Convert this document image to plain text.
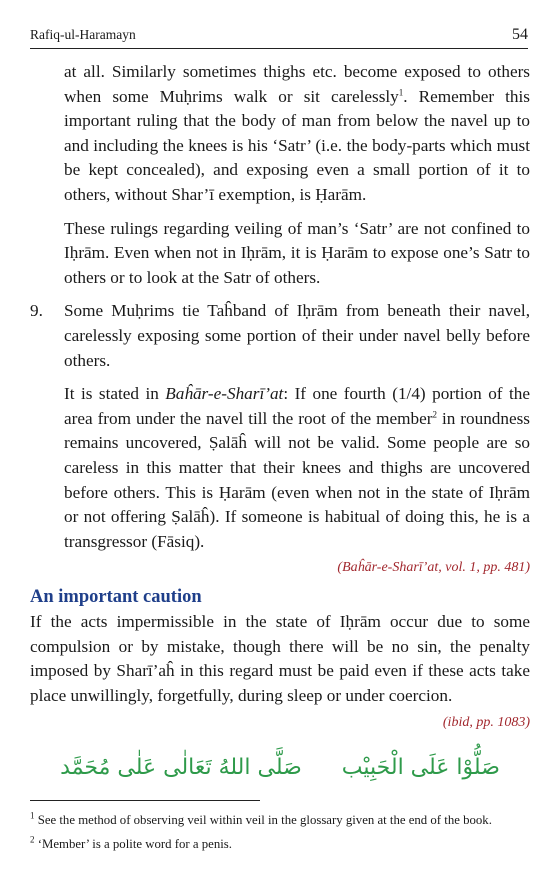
Rafiq-ul-Haramayn	54

at all. Similarly sometimes thighs etc. become exposed to others when some Muḥrims walk or sit carelessly$^1$. Remember this important ruling that the body of man from below the navel up to and including the knees is his ‘Satr’ (i.e. the body-parts which must be kept concealed), and exposing even a small portion of it to others, without Shar’ī exemption, is Ḥarām.

These rulings regarding veiling of man’s ‘Satr’ are not confined to Iḥrām. Even when not in Iḥrām, it is Ḥarām to expose one’s Satr to others or to look at the Satr of others.

9.	Some Muḥrims tie Taĥband of Iḥrām from beneath their navel, carelessly exposing some portion of their under navel belly before others.

It is stated in Baĥār-e-Sharī’at: If one fourth (1/4) portion of the area from under the navel till the root of the member$^2$ in roundness remains uncovered, Ṣalāĥ will not be valid. Some people are so careless in this matter that their knees and thighs are uncovered before others. This is Ḥarām (even when not in the state of Iḥrām or not offering Ṣalāĥ). If someone is habitual of doing this, he is a transgressor (Fāsiq).

(Baĥār-e-Sharī’at, vol. 1, pp. 481)

An important caution

If the acts impermissible in the state of Iḥrām occur due to some compulsion or by mistake, though there will be no sin, the penalty imposed by Sharī’aĥ in this regard must be paid even if these acts take place unwillingly, forgetfully, during sleep or under coercion.

(ibid, pp. 1083)

صَلُّوْا عَلَى الْحَبِيْب
صَلَّى اللهُ تَعَالٰى عَلٰى مُحَمَّد

$^1$ See the method of observing veil within veil in the glossary given at the end of the book.

$^2$ ‘Member’ is a polite word for a penis.
